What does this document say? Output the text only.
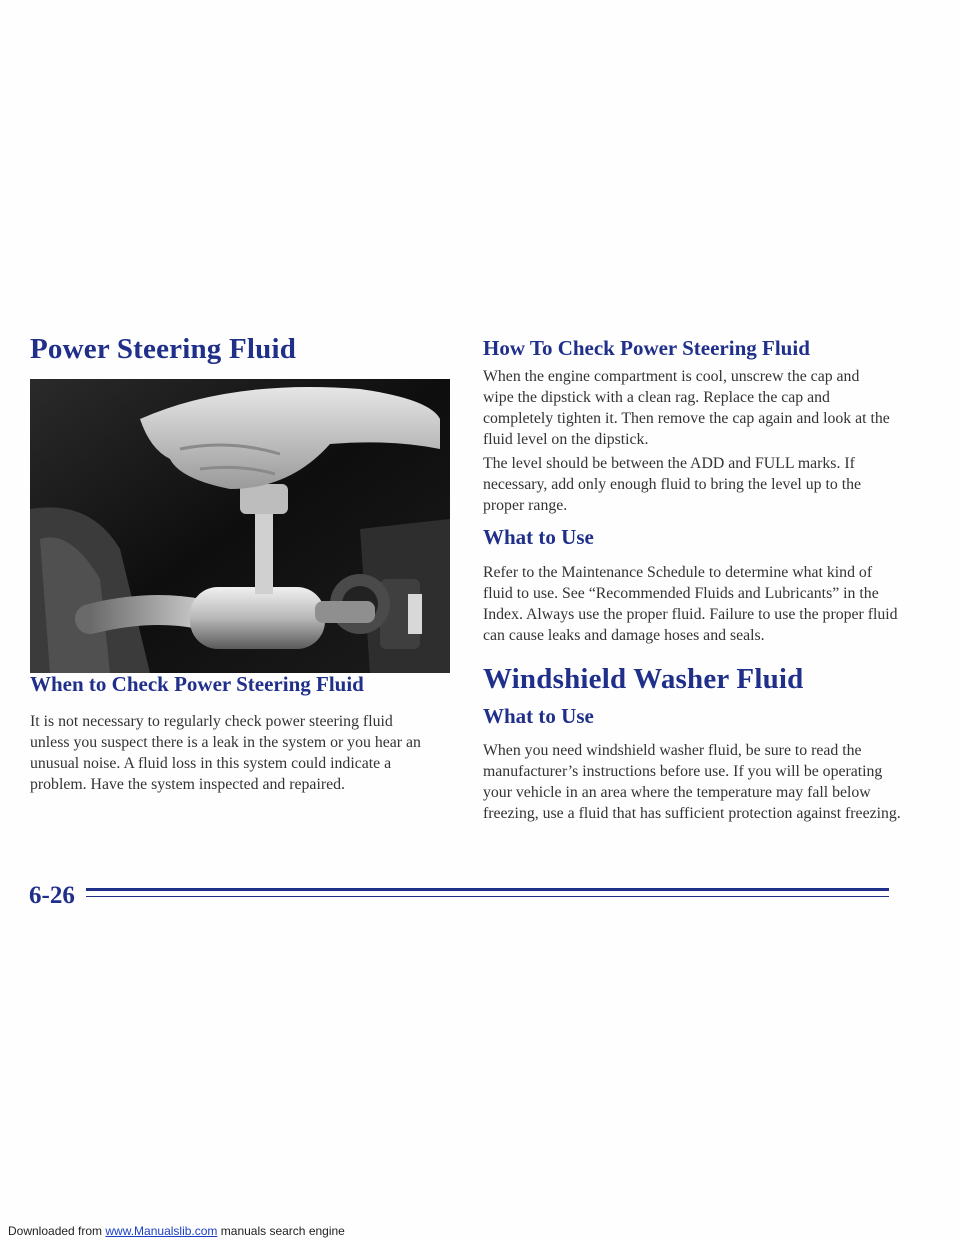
Power Steering Fluid
When to Check Power Steering Fluid

It is not necessary to regularly check power steering fluid unless you suspect there is a leak in the system or you hear an unusual noise. A fluid loss in this system could indicate a problem. Have the system inspected and repaired.

How To Check Power Steering Fluid

When the engine compartment is cool, unscrew the cap and wipe the dipstick with a clean rag. Replace the cap and completely tighten it. Then remove the cap again and look at the fluid level on the dipstick.

The level should be between the ADD and FULL marks. If necessary, add only enough fluid to bring the level up to the proper range.

What to Use

Refer to the Maintenance Schedule to determine what kind of fluid to use. See “Recommended Fluids and Lubricants” in the Index. Always use the proper fluid. Failure to use the proper fluid can cause leaks and damage hoses and seals.

Windshield Washer Fluid
What to Use

When you need windshield washer fluid, be sure to read the manufacturer’s instructions before use. If you will be operating your vehicle in an area where the temperature may fall below freezing, use a fluid that has sufficient protection against freezing.

6-26
Downloaded from www.Manualslib.com manuals search engine
